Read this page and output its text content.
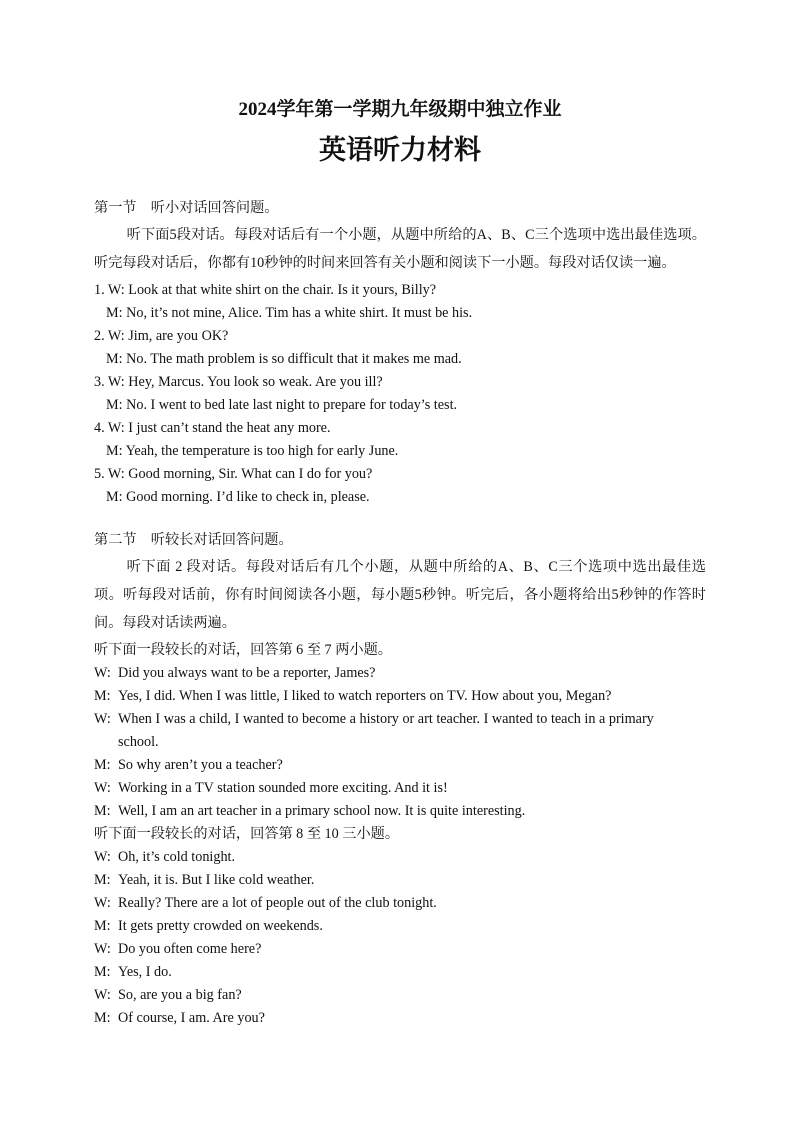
2024学年第一学期九年级期中独立作业
英语听力材料
第一节　听小对话回答问题。

听下面5段对话。每段对话后有一个小题，从题中所给的A、B、C三个选项中选出最佳选项。听完每段对话后，你都有10秒钟的时间来回答有关小题和阅读下一小题。每段对话仅读一遍。

1. W: Look at that white shirt on the chair. Is it yours, Billy?
M: No, it’s not mine, Alice. Tim has a white shirt. It must be his.
2. W: Jim, are you OK?
M: No. The math problem is so difficult that it makes me mad.
3. W: Hey, Marcus. You look so weak. Are you ill?
M: No. I went to bed late last night to prepare for today’s test.
4. W: I just can’t stand the heat any more.
M: Yeah, the temperature is too high for early June.
5. W: Good morning, Sir. What can I do for you?
M: Good morning. I’d like to check in, please.
第二节　听较长对话回答问题。

听下面 2 段对话。每段对话后有几个小题，从题中所给的A、B、C三个选项中选出最佳选项。听每段对话前，你有时间阅读各小题，每小题5秒钟。听完后，各小题将给出5秒钟的作答时间。每段对话读两遍。

听下面一段较长的对话，回答第 6 至 7 两小题。
W: Did you always want to be a reporter, James?
M: Yes, I did. When I was little, I liked to watch reporters on TV. How about you, Megan?
W: When I was a child, I wanted to become a history or art teacher. I wanted to teach in a primary school.
M: So why aren’t you a teacher?
W: Working in a TV station sounded more exciting. And it is!
M: Well, I am an art teacher in a primary school now. It is quite interesting.
听下面一段较长的对话，回答第 8 至 10 三小题。
W: Oh, it’s cold tonight.
M: Yeah, it is. But I like cold weather.
W: Really? There are a lot of people out of the club tonight.
M: It gets pretty crowded on weekends.
W: Do you often come here?
M: Yes, I do.
W: So, are you a big fan?
M: Of course, I am. Are you?
